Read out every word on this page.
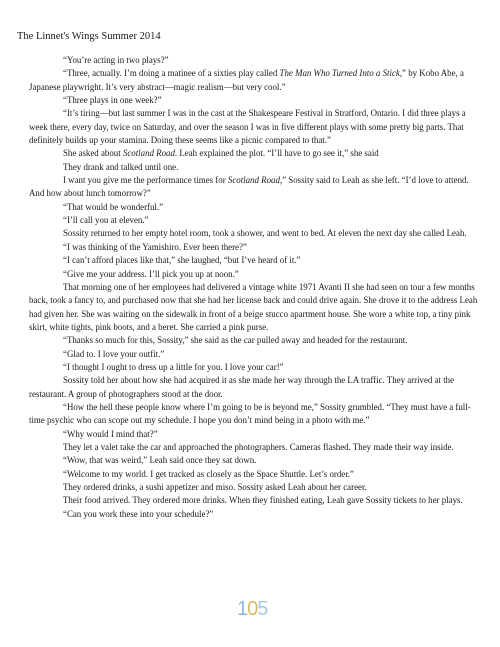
The Linnet's Wings Summer 2014

“You’re acting in two plays?”

“Three, actually. I’m doing a matinee of a sixties play called The Man Who Turned Into a Stick,” by Kobo Abe, a Japanese playwright. It’s very abstract—magic realism—but very cool.”

“Three plays in one week?”

“It’s tiring—but last summer I was in the cast at the Shakespeare Festival in Stratford, Ontario. I did three plays a week there, every day, twice on Saturday, and over the season I was in five different plays with some pretty big parts. That definitely builds up your stamina. Doing these seems like a picnic compared to that.”

She asked about Scotland Road. Leah explained the plot. “I’ll have to go see it,” she said

They drank and talked until one.

I want you give me the performance times for Scotland Road,” Sossity said to Leah as she left. “I’d love to attend. And how about lunch tomorrow?”

“That would be wonderful.”

“I’ll call you at eleven.”

Sossity returned to her empty hotel room, took a shower, and went to bed. At eleven the next day she called Leah.

“I was thinking of the Yamishiro. Ever been there?”

“I can’t afford places like that,” she laughed, “but I’ve heard of it.”

“Give me your address. I’ll pick you up at noon.”

That morning one of her employees had delivered a vintage white 1971 Avanti II she had seen on tour a few months back, took a fancy to, and purchased now that she had her license back and could drive again. She drove it to the address Leah had given her. She was waiting on the sidewalk in front of a beige stucco apartment house. She wore a white top, a tiny pink skirt, white tights, pink boots, and a beret. She carried a pink purse.

“Thanks so much for this, Sossity,” she said as the car pulled away and headed for the restaurant.

“Glad to. I love your outfit.”

“I thought I ought to dress up a little for you. I love your car!”

Sossity told her about how she had acquired it as she made her way through the LA traffic. They arrived at the restaurant. A group of photographers stood at the door.

“How the hell these people know where I’m going to be is beyond me,” Sossity grumbled. “They must have a full-time psychic who can scope out my schedule. I hope you don’t mind being in a photo with me.”

“Why would I mind that?”

They let a valet take the car and approached the photographers. Cameras flashed. They made their way inside.

“Wow, that was weird,” Leah said once they sat down.

“Welcome to my world. I get tracked as closely as the Space Shuttle. Let’s order.”

They ordered drinks, a sushi appetizer and miso. Sossity asked Leah about her career.

Their food arrived. They ordered more drinks. When they finished eating, Leah gave Sossity tickets to her plays.

“Can you work these into your schedule?”

105
